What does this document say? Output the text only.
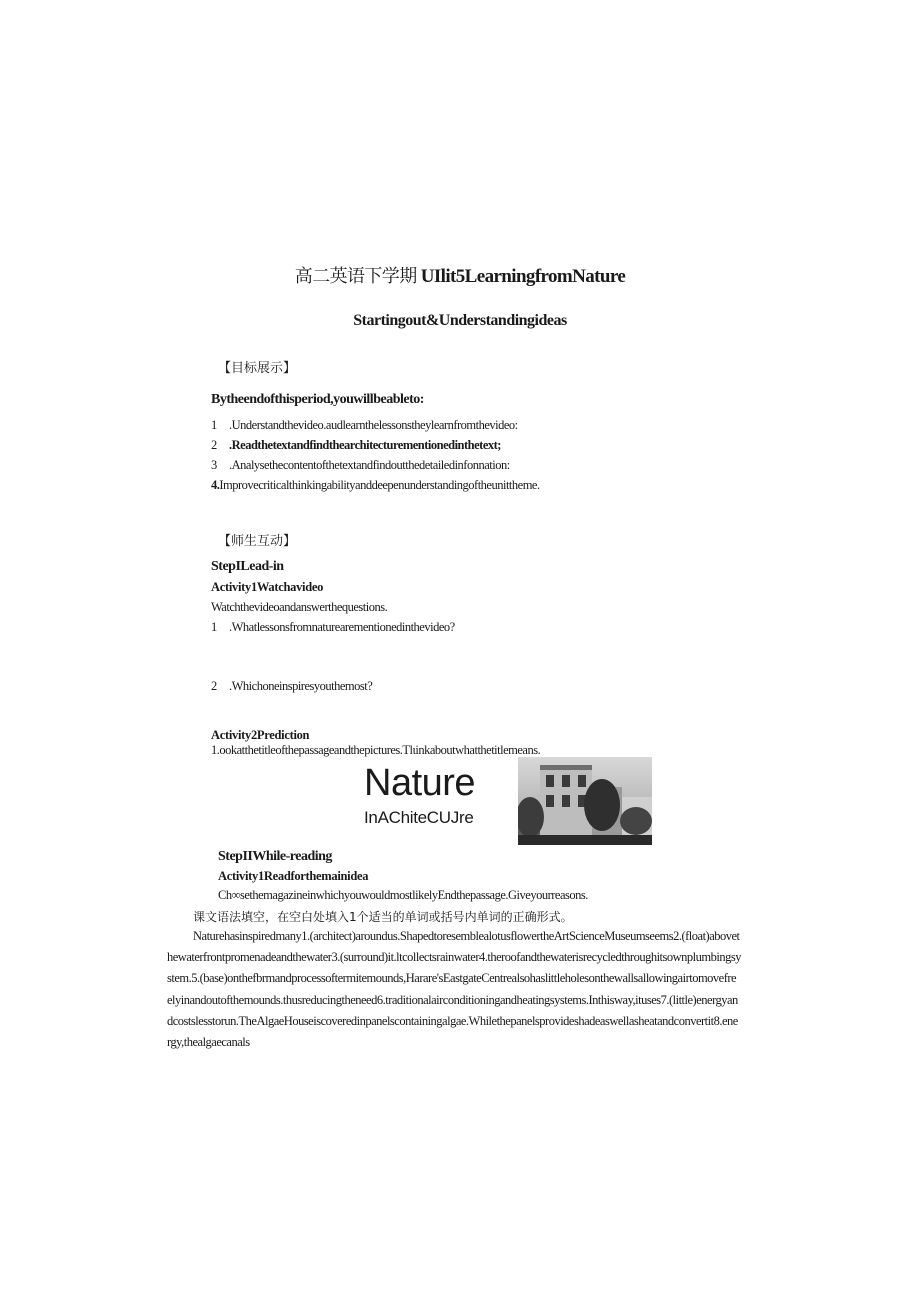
高二英语下学期 UIlit5LearningfromNature
Startingout&Understandingideas
【目标展示】
Bytheendofthisperiod,youwillbeableto:
1 .Understandthevideo.audlearnthelessonstheylearnfromthevideo:
2 .Readthetextandfindthearchitecturementionedinthetext;
3 .Analysethecontentofthetextandfindoutthedetailedinfonnation:
4.Improvecriticalthinkingabilityanddeepenunderstandingoftheunittheme.
【师生互动】
StepILead-in
Activity1Watchavideo
Watchthevideoandanswerthequestions.
1 .Whatlessonsfromnaturearementionedinthevideo?
2 .Whichoneinspiresyouthemost?
Activity2Prediction
1.ookatthetitleofthepassageandthepictures.Tlιinkaboutwhatthetitlemeans.
Nature
InAChiteCUJre
StepIIWhile-reading
Activity1Readforthemainidea
Ch∞sethemagazineinwhichyouwouldmostlikelyEndthepassage.Giveyourreasons.
课文语法填空，在空白处填入1个适当的单词或括号内单词的正确形式。
Naturehasinspiredmany1.(architect)aroundus.ShapedtoresemblealotusflowertheArtScienceMuseumseems2.(float)abovethewaterfrontpromenadeandthewater3.(surround)it.ltcollectsrainwater4.theroofandthewaterisrecycledthroughitsownplumbingsystem.5.(base)onthefbrmandprocessoftermitemounds,Harare'sEastgateCentrealsohaslittleholesonthewallsallowingairtomovefreelyinandoutofthemounds.thusreducingtheneed6.traditionalairconditioningandheatingsystems.Inthisway,ituses7.(little)energyandcostslesstorun.TheAlgaeHouseiscoveredinpanelscontainingalgae.Whilethepanelsprovideshadeaswellasheatandconvertit8.energy,thealgaecanals
